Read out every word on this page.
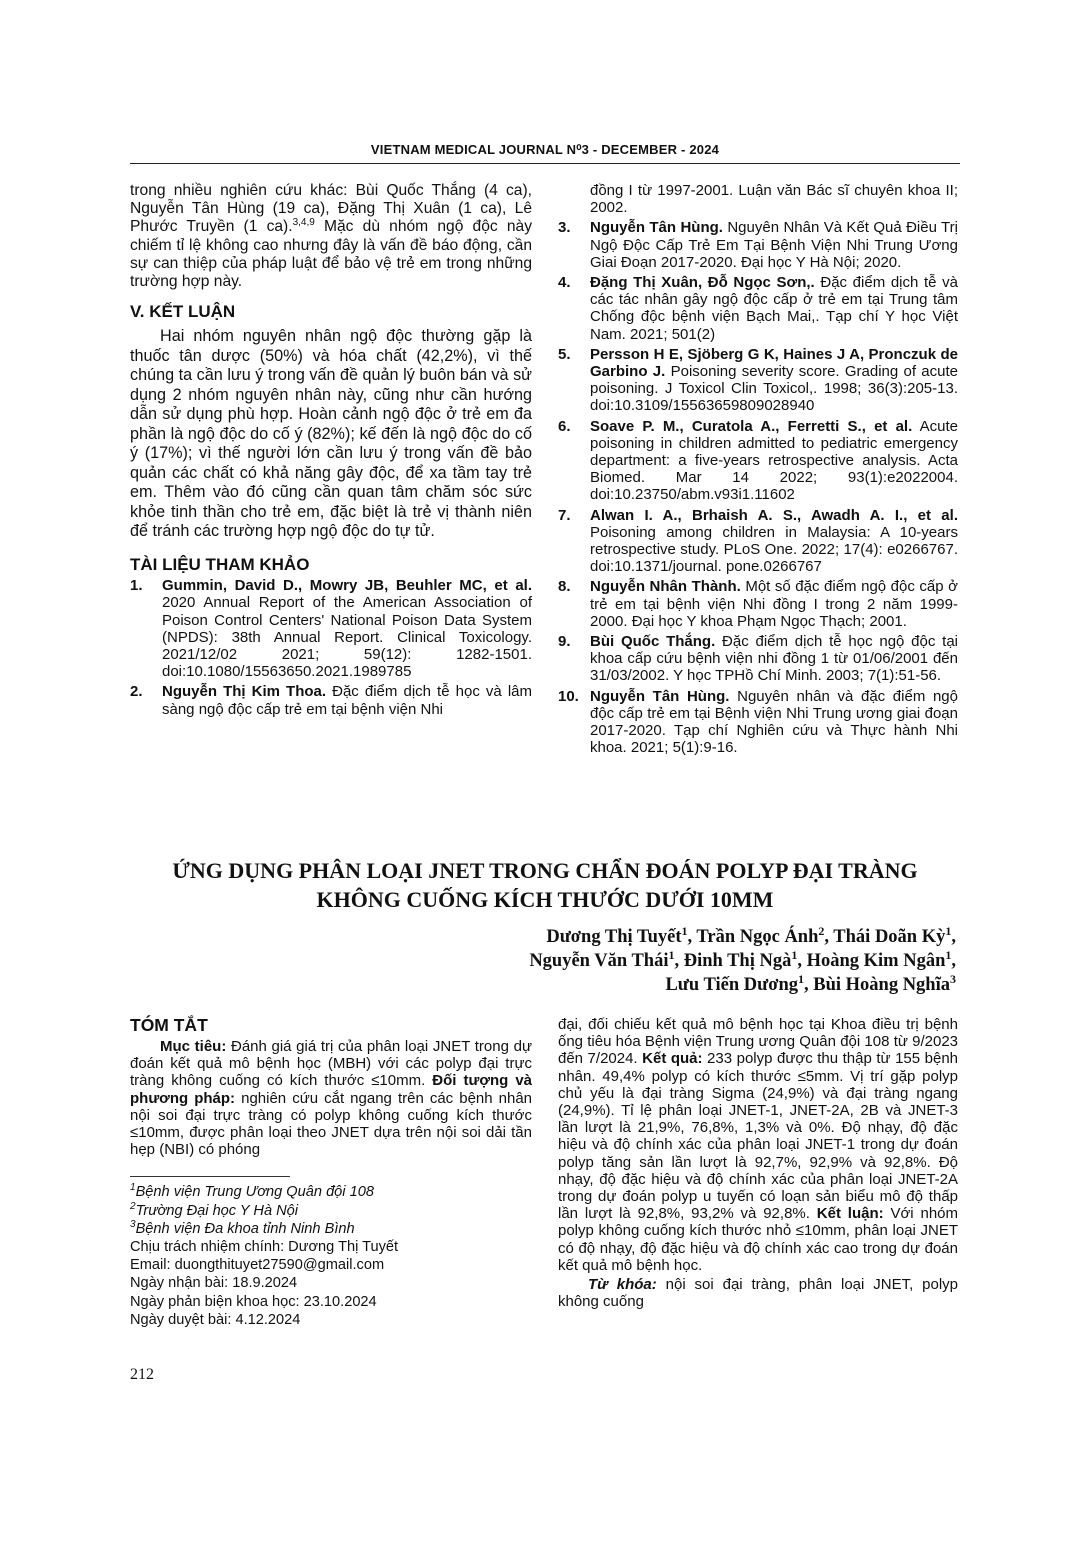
VIETNAM MEDICAL JOURNAL N⁰3 - DECEMBER - 2024
trong nhiều nghiên cứu khác: Bùi Quốc Thắng (4 ca), Nguyễn Tân Hùng (19 ca), Đặng Thị Xuân (1 ca), Lê Phước Truyền (1 ca).$^{3,4,9}$ Mặc dù nhóm ngộ độc này chiếm tỉ lệ không cao nhưng đây là vấn đề báo động, cần sự can thiệp của pháp luật để bảo vệ trẻ em trong những trường hợp này.
V. KẾT LUẬN
Hai nhóm nguyên nhân ngộ độc thường gặp là thuốc tân dược (50%) và hóa chất (42,2%), vì thế chúng ta cần lưu ý trong vấn đề quản lý buôn bán và sử dụng 2 nhóm nguyên nhân này, cũng như cần hướng dẫn sử dụng phù hợp. Hoàn cảnh ngộ độc ở trẻ em đa phần là ngộ độc do cố ý (82%); kế đến là ngộ độc do cố ý (17%); vì thế người lớn cần lưu ý trong vấn đề bảo quản các chất có khả năng gây độc, để xa tầm tay trẻ em. Thêm vào đó cũng cần quan tâm chăm sóc sức khỏe tinh thần cho trẻ em, đặc biệt là trẻ vị thành niên để tránh các trường hợp ngộ độc do tự tử.
TÀI LIỆU THAM KHẢO
1. Gummin, David D., Mowry JB, Beuhler MC, et al. 2020 Annual Report of the American Association of Poison Control Centers' National Poison Data System (NPDS): 38th Annual Report. Clinical Toxicology. 2021/12/02 2021; 59(12): 1282-1501. doi:10.1080/15563650.2021.1989785
2. Nguyễn Thị Kim Thoa. Đặc điểm dịch tễ học và lâm sàng ngộ độc cấp trẻ em tại bệnh viện Nhi
đồng I từ 1997-2001. Luận văn Bác sĩ chuyên khoa II; 2002.
3. Nguyễn Tân Hùng. Nguyên Nhân Và Kết Quả Điều Trị Ngộ Độc Cấp Trẻ Em Tại Bệnh Viện Nhi Trung Ương Giai Đoạn 2017-2020. Đại học Y Hà Nội; 2020.
4. Đặng Thị Xuân, Đỗ Ngọc Sơn,. Đặc điểm dịch tễ và các tác nhân gây ngộ độc cấp ở trẻ em tại Trung tâm Chống độc bệnh viện Bạch Mai,. Tạp chí Y học Việt Nam. 2021; 501(2)
5. Persson H E, Sjöberg G K, Haines J A, Pronczuk de Garbino J. Poisoning severity score. Grading of acute poisoning. J Toxicol Clin Toxicol,. 1998; 36(3):205-13. doi:10.3109/15563659809028940
6. Soave P. M., Curatola A., Ferretti S., et al. Acute poisoning in children admitted to pediatric emergency department: a five-years retrospective analysis. Acta Biomed. Mar 14 2022; 93(1):e2022004. doi:10.23750/abm.v93i1.11602
7. Alwan I. A., Brhaish A. S., Awadh A. I., et al. Poisoning among children in Malaysia: A 10-years retrospective study. PLoS One. 2022; 17(4): e0266767. doi:10.1371/journal. pone.0266767
8. Nguyễn Nhân Thành. Một số đặc điểm ngộ độc cấp ở trẻ em tại bệnh viện Nhi đồng I trong 2 năm 1999-2000. Đại học Y khoa Phạm Ngọc Thạch; 2001.
9. Bùi Quốc Thắng. Đặc điểm dịch tễ học ngộ độc tại khoa cấp cứu bệnh viện nhi đồng 1 từ 01/06/2001 đến 31/03/2002. Y học TPHồ Chí Minh. 2003; 7(1):51-56.
10. Nguyễn Tân Hùng. Nguyên nhân và đặc điểm ngộ độc cấp trẻ em tại Bệnh viện Nhi Trung ương giai đoạn 2017-2020. Tạp chí Nghiên cứu và Thực hành Nhi khoa. 2021; 5(1):9-16.
ỨNG DỤNG PHÂN LOẠI JNET TRONG CHẨN ĐOÁN POLYP ĐẠI TRÀNG
KHÔNG CUỐNG KÍCH THƯỚC DƯỚI 10MM
Dương Thị Tuyết$^1$, Trần Ngọc Ánh$^2$, Thái Doãn Kỳ$^1$,
Nguyễn Văn Thái$^1$, Đinh Thị Ngà$^1$, Hoàng Kim Ngân$^1$,
Lưu Tiến Dương$^1$, Bùi Hoàng Nghĩa$^3$
TÓM TẮT
Mục tiêu: Đánh giá giá trị của phân loại JNET trong dự đoán kết quả mô bệnh học (MBH) với các polyp đại trực tràng không cuống có kích thước ≤10mm. Đối tượng và phương pháp: nghiên cứu cắt ngang trên các bệnh nhân nội soi đại trực tràng có polyp không cuống kích thước ≤10mm, được phân loại theo JNET dựa trên nội soi dải tần hẹp (NBI) có phóng
$^1$Bệnh viện Trung Ương Quân đội 108
$^2$Trường Đại học Y Hà Nội
$^3$Bệnh viện Đa khoa tỉnh Ninh Bình
Chịu trách nhiệm chính: Dương Thị Tuyết
Email: duongthituyet27590@gmail.com
Ngày nhận bài: 18.9.2024
Ngày phản biện khoa học: 23.10.2024
Ngày duyệt bài: 4.12.2024
đại, đối chiếu kết quả mô bệnh học tại Khoa điều trị bệnh ống tiêu hóa Bệnh viện Trung ương Quân đội 108 từ 9/2023 đến 7/2024. Kết quả: 233 polyp được thu thập từ 155 bệnh nhân. 49,4% polyp có kích thước ≤5mm. Vị trí gặp polyp chủ yếu là đại tràng Sigma (24,9%) và đại tràng ngang (24,9%). Tỉ lệ phân loại JNET-1, JNET-2A, 2B và JNET-3 lần lượt là 21,9%, 76,8%, 1,3% và 0%. Độ nhạy, độ đặc hiệu và độ chính xác của phân loại JNET-1 trong dự đoán polyp tăng sản lần lượt là 92,7%, 92,9% và 92,8%. Độ nhạy, độ đặc hiệu và độ chính xác của phân loại JNET-2A trong dự đoán polyp u tuyến có loạn sản biểu mô độ thấp lần lượt là 92,8%, 93,2% và 92,8%. Kết luận: Với nhóm polyp không cuống kích thước nhỏ ≤10mm, phân loại JNET có độ nhạy, độ đặc hiệu và độ chính xác cao trong dự đoán kết quả mô bệnh học.
Từ khóa: nội soi đại tràng, phân loại JNET, polyp không cuống
212
